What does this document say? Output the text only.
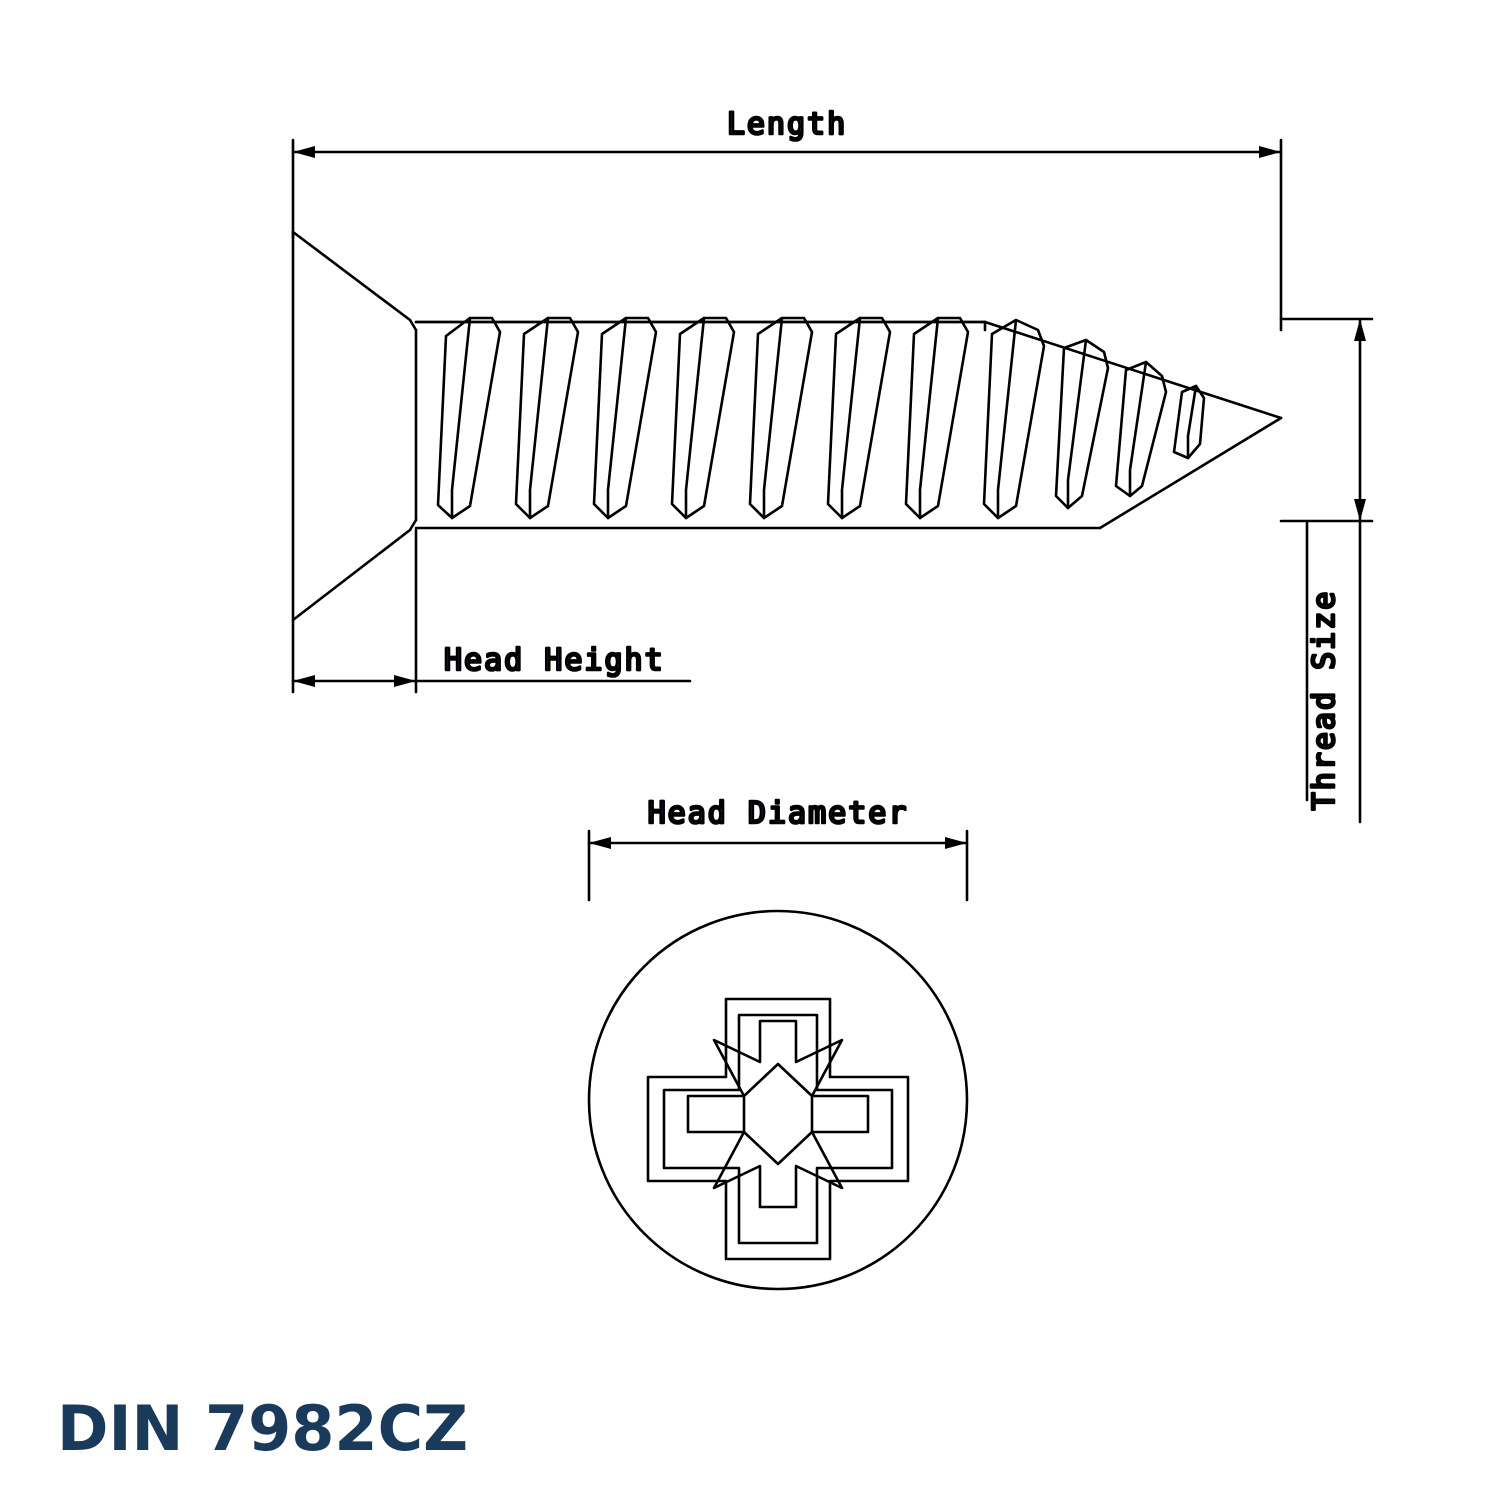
Length
Head Height	Thread Size
Head Diameter
DIN 7982CZ
